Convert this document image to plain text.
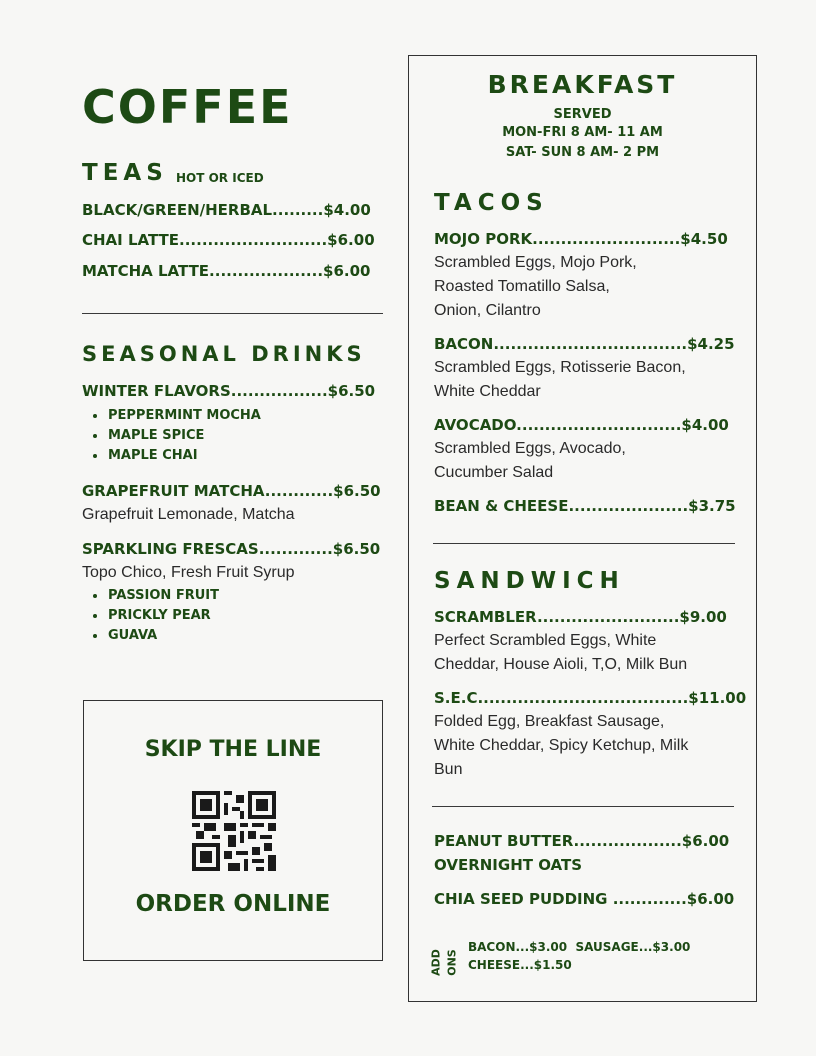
COFFEE
TEAS HOT OR ICED
BLACK/GREEN/HERBAL.........$4.00
CHAI LATTE..........................$6.00
MATCHA LATTE....................$6.00
SEASONAL DRINKS
WINTER FLAVORS.................$6.50
PEPPERMINT MOCHA
MAPLE SPICE
MAPLE CHAI
GRAPEFRUIT MATCHA............$6.50
Grapefruit Lemonade, Matcha
SPARKLING FRESCAS.............$6.50
Topo Chico, Fresh Fruit Syrup
PASSION FRUIT
PRICKLY PEAR
GUAVA
SKIP THE LINE
ORDER ONLINE
BREAKFAST
SERVED
MON-FRI 8 AM- 11 AM
SAT- SUN 8 AM- 2 PM
TACOS
MOJO PORK..........................$4.50
Scrambled Eggs, Mojo Pork,
Roasted Tomatillo Salsa,
Onion, Cilantro
BACON..................................$4.25
Scrambled Eggs, Rotisserie Bacon,
White Cheddar
AVOCADO.............................$4.00
Scrambled Eggs, Avocado,
Cucumber Salad
BEAN & CHEESE.....................$3.75
SANDWICH
SCRAMBLER.........................$9.00
Perfect Scrambled Eggs, White
Cheddar, House Aioli, T,O, Milk Bun
S.E.C.....................................$11.00
Folded Egg, Breakfast Sausage,
White Cheddar, Spicy Ketchup, Milk
Bun
PEANUT BUTTER...................$6.00
OVERNIGHT OATS
CHIA SEED PUDDING .............$6.00
ADD ONS
BACON...$3.00  SAUSAGE...$3.00
CHEESE...$1.50
